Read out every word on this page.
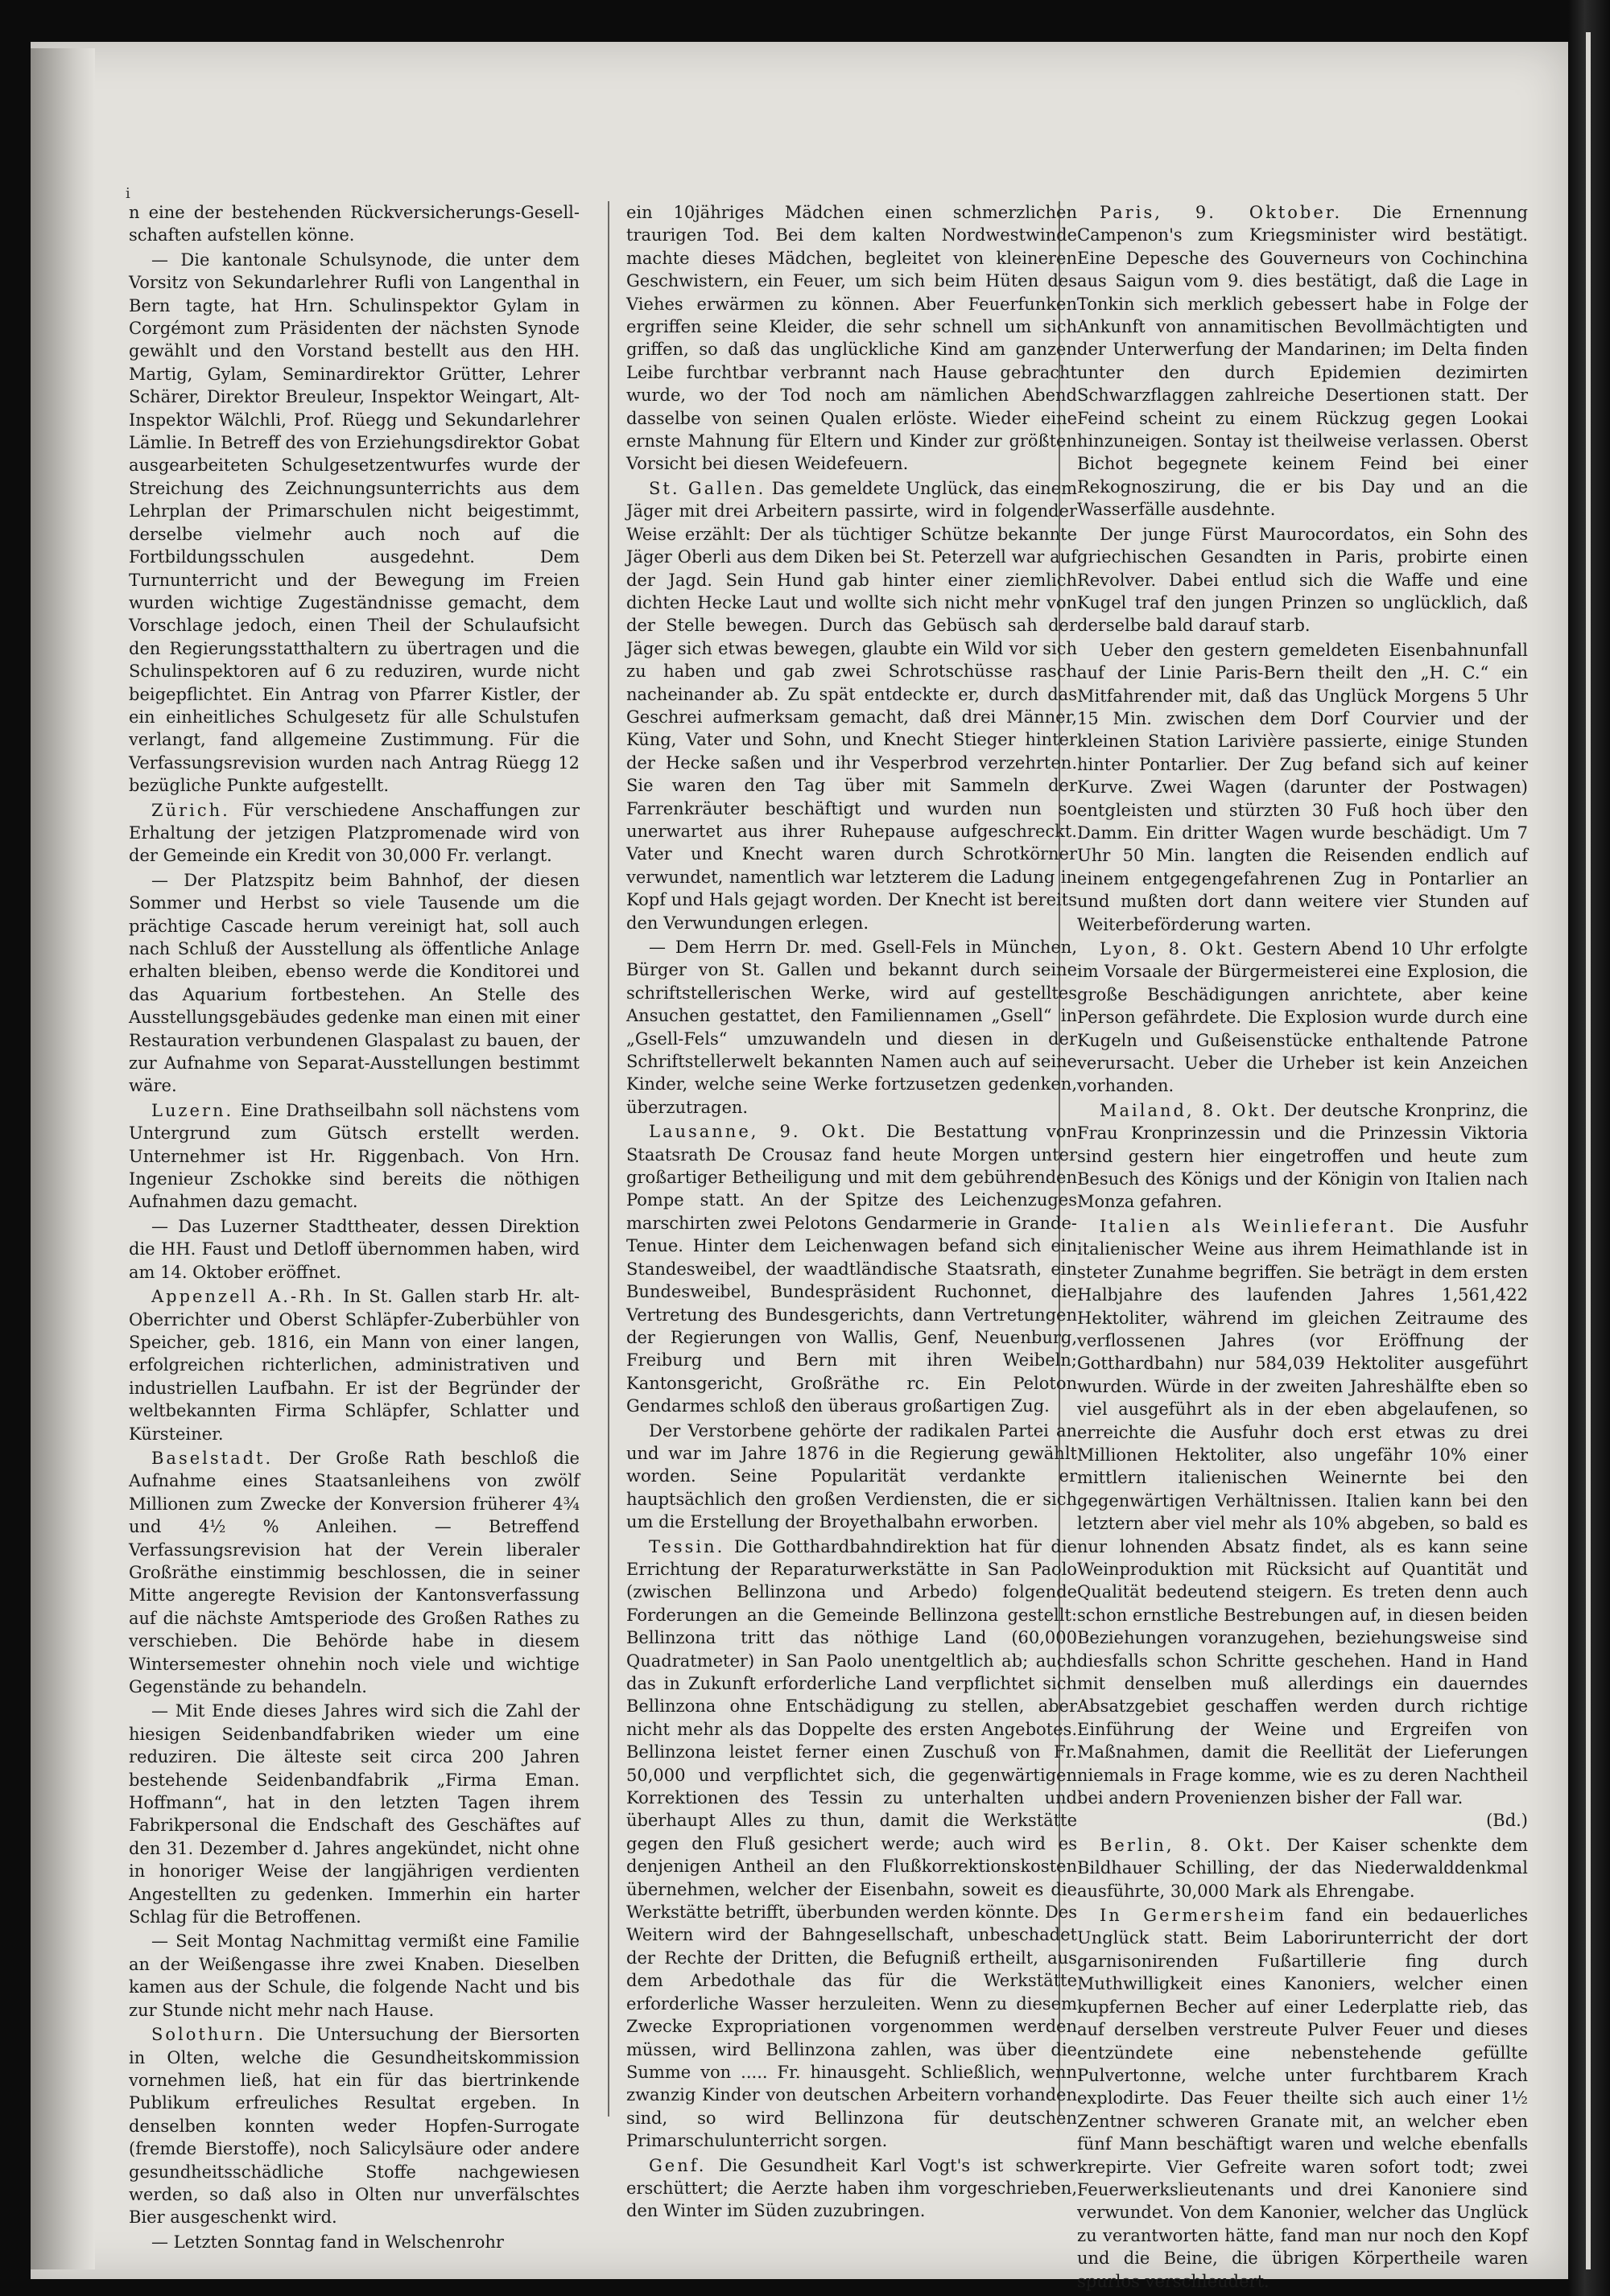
ⅰ

n eine der bestehenden Rückversicherungs-Gesell-schaften aufstellen könne.

— Die kantonale Schulsynode, die unter dem Vorsitz von Sekundarlehrer Rufli von Langenthal in Bern tagte, hat Hrn. Schulinspektor Gylam in Corgémont zum Präsidenten der nächsten Synode gewählt und den Vorstand bestellt aus den HH. Martig, Gylam, Seminardirektor Grütter, Lehrer Schärer, Direktor Breuleur, Inspektor Weingart, Alt-Inspektor Wälchli, Prof. Rüegg und Sekundarlehrer Lämlie. In Betreff des von Erziehungsdirektor Gobat ausgearbeiteten Schulgesetzentwurfes wurde der Streichung des Zeichnungsunterrichts aus dem Lehrplan der Primarschulen nicht beigestimmt, derselbe vielmehr auch noch auf die Fortbildungsschulen ausgedehnt. Dem Turnunterricht und der Bewegung im Freien wurden wichtige Zugeständnisse gemacht, dem Vorschlage jedoch, einen Theil der Schulaufsicht den Regierungsstatthaltern zu übertragen und die Schulinspektoren auf 6 zu reduziren, wurde nicht beigepflichtet. Ein Antrag von Pfarrer Kistler, der ein einheitliches Schulgesetz für alle Schulstufen verlangt, fand allgemeine Zustimmung. Für die Verfassungsrevision wurden nach Antrag Rüegg 12 bezügliche Punkte aufgestellt.

Zürich. Für verschiedene Anschaffungen zur Erhaltung der jetzigen Platzpromenade wird von der Gemeinde ein Kredit von 30,000 Fr. verlangt.

— Der Platzspitz beim Bahnhof, der diesen Sommer und Herbst so viele Tausende um die prächtige Cascade herum vereinigt hat, soll auch nach Schluß der Ausstellung als öffentliche Anlage erhalten bleiben, ebenso werde die Konditorei und das Aquarium fortbestehen. An Stelle des Ausstellungsgebäudes gedenke man einen mit einer Restauration verbundenen Glaspalast zu bauen, der zur Aufnahme von Separat-Ausstellungen bestimmt wäre.

Luzern. Eine Drathseilbahn soll nächstens vom Untergrund zum Gütsch erstellt werden. Unternehmer ist Hr. Riggenbach. Von Hrn. Ingenieur Zschokke sind bereits die nöthigen Aufnahmen dazu gemacht.

— Das Luzerner Stadttheater, dessen Direktion die HH. Faust und Detloff übernommen haben, wird am 14. Oktober eröffnet.

Appenzell A.-Rh. In St. Gallen starb Hr. alt-Oberrichter und Oberst Schläpfer-Zuberbühler von Speicher, geb. 1816, ein Mann von einer langen, erfolgreichen richterlichen, administrativen und industriellen Laufbahn. Er ist der Begründer der weltbekannten Firma Schläpfer, Schlatter und Kürsteiner.

Baselstadt. Der Große Rath beschloß die Aufnahme eines Staatsanleihens von zwölf Millionen zum Zwecke der Konversion früherer 4¾ und 4½ % Anleihen. — Betreffend Verfassungsrevision hat der Verein liberaler Großräthe einstimmig beschlossen, die in seiner Mitte angeregte Revision der Kantonsverfassung auf die nächste Amtsperiode des Großen Rathes zu verschieben. Die Behörde habe in diesem Wintersemester ohnehin noch viele und wichtige Gegenstände zu behandeln.

— Mit Ende dieses Jahres wird sich die Zahl der hiesigen Seidenbandfabriken wieder um eine reduziren. Die älteste seit circa 200 Jahren bestehende Seidenbandfabrik „Firma Eman. Hoffmann“, hat in den letzten Tagen ihrem Fabrikpersonal die Endschaft des Geschäftes auf den 31. Dezember d. Jahres angekündet, nicht ohne in honoriger Weise der langjährigen verdienten Angestellten zu gedenken. Immerhin ein harter Schlag für die Betroffenen.

— Seit Montag Nachmittag vermißt eine Familie an der Weißengasse ihre zwei Knaben. Dieselben kamen aus der Schule, die folgende Nacht und bis zur Stunde nicht mehr nach Hause.

Solothurn. Die Untersuchung der Biersorten in Olten, welche die Gesundheitskommission vornehmen ließ, hat ein für das biertrinkende Publikum erfreuliches Resultat ergeben. In denselben konnten weder Hopfen-Surrogate (fremde Bierstoffe), noch Salicylsäure oder andere gesundheitsschädliche Stoffe nachgewiesen werden, so daß also in Olten nur unverfälschtes Bier ausgeschenkt wird.

— Letzten Sonntag fand in Welschenrohr

ein 10jähriges Mädchen einen schmerzlichen traurigen Tod. Bei dem kalten Nordwestwinde machte dieses Mädchen, begleitet von kleineren Geschwistern, ein Feuer, um sich beim Hüten des Viehes erwärmen zu können. Aber Feuerfunken ergriffen seine Kleider, die sehr schnell um sich griffen, so daß das unglückliche Kind am ganzen Leibe furchtbar verbrannt nach Hause gebracht wurde, wo der Tod noch am nämlichen Abend dasselbe von seinen Qualen erlöste. Wieder eine ernste Mahnung für Eltern und Kinder zur größten Vorsicht bei diesen Weidefeuern.

St. Gallen. Das gemeldete Unglück, das einem Jäger mit drei Arbeitern passirte, wird in folgender Weise erzählt: Der als tüchtiger Schütze bekannte Jäger Oberli aus dem Diken bei St. Peterzell war auf der Jagd. Sein Hund gab hinter einer ziemlich dichten Hecke Laut und wollte sich nicht mehr von der Stelle bewegen. Durch das Gebüsch sah der Jäger sich etwas bewegen, glaubte ein Wild vor sich zu haben und gab zwei Schrotschüsse rasch nacheinander ab. Zu spät entdeckte er, durch das Geschrei aufmerksam gemacht, daß drei Männer, Küng, Vater und Sohn, und Knecht Stieger hinter der Hecke saßen und ihr Vesperbrod verzehrten. Sie waren den Tag über mit Sammeln der Farrenkräuter beschäftigt und wurden nun so unerwartet aus ihrer Ruhepause aufgeschreckt. Vater und Knecht waren durch Schrotkörner verwundet, namentlich war letzterem die Ladung in Kopf und Hals gejagt worden. Der Knecht ist bereits den Verwundungen erlegen.

— Dem Herrn Dr. med. Gsell-Fels in München, Bürger von St. Gallen und bekannt durch seine schriftstellerischen Werke, wird auf gestelltes Ansuchen gestattet, den Familiennamen „Gsell“ in „Gsell-Fels“ umzuwandeln und diesen in der Schriftstellerwelt bekannten Namen auch auf seine Kinder, welche seine Werke fortzusetzen gedenken, überzutragen.

Lausanne, 9. Okt. Die Bestattung von Staatsrath De Crousaz fand heute Morgen unter großartiger Betheiligung und mit dem gebührenden Pompe statt. An der Spitze des Leichenzuges marschirten zwei Pelotons Gendarmerie in Grande-Tenue. Hinter dem Leichenwagen befand sich ein Standesweibel, der waadtländische Staatsrath, ein Bundesweibel, Bundespräsident Ruchonnet, die Vertretung des Bundesgerichts, dann Vertretungen der Regierungen von Wallis, Genf, Neuenburg, Freiburg und Bern mit ihren Weibeln; Kantonsgericht, Großräthe rc. Ein Peloton Gendarmes schloß den überaus großartigen Zug.

Der Verstorbene gehörte der radikalen Partei an und war im Jahre 1876 in die Regierung gewählt worden. Seine Popularität verdankte er hauptsächlich den großen Verdiensten, die er sich um die Erstellung der Broyethalbahn erworben.

Tessin. Die Gotthardbahndirektion hat für die Errichtung der Reparaturwerkstätte in San Paolo (zwischen Bellinzona und Arbedo) folgende Forderungen an die Gemeinde Bellinzona gestellt: Bellinzona tritt das nöthige Land (60,000 Quadratmeter) in San Paolo unentgeltlich ab; auch das in Zukunft erforderliche Land verpflichtet sich Bellinzona ohne Entschädigung zu stellen, aber nicht mehr als das Doppelte des ersten Angebotes. Bellinzona leistet ferner einen Zuschuß von Fr. 50,000 und verpflichtet sich, die gegenwärtigen Korrektionen des Tessin zu unterhalten und überhaupt Alles zu thun, damit die Werkstätte gegen den Fluß gesichert werde; auch wird es denjenigen Antheil an den Flußkorrektionskosten übernehmen, welcher der Eisenbahn, soweit es die Werkstätte betrifft, überbunden werden könnte. Des Weitern wird der Bahngesellschaft, unbeschadet der Rechte der Dritten, die Befugniß ertheilt, aus dem Arbedothale das für die Werkstätte erforderliche Wasser herzuleiten. Wenn zu diesem Zwecke Expropriationen vorgenommen werden müssen, wird Bellinzona zahlen, was über die Summe von ..... Fr. hinausgeht. Schließlich, wenn zwanzig Kinder von deutschen Arbeitern vorhanden sind, so wird Bellinzona für deutschen Primarschulunterricht sorgen.

Genf. Die Gesundheit Karl Vogt's ist schwer erschüttert; die Aerzte haben ihm vorgeschrieben, den Winter im Süden zuzubringen.

Paris, 9. Oktober. Die Ernennung Campenon's zum Kriegsminister wird bestätigt. Eine Depesche des Gouverneurs von Cochinchina aus Saigun vom 9. dies bestätigt, daß die Lage in Tonkin sich merklich gebessert habe in Folge der Ankunft von annamitischen Bevollmächtigten und der Unterwerfung der Mandarinen; im Delta finden unter den durch Epidemien dezimirten Schwarzflaggen zahlreiche Desertionen statt. Der Feind scheint zu einem Rückzug gegen Lookai hinzuneigen. Sontay ist theilweise verlassen. Oberst Bichot begegnete keinem Feind bei einer Rekognoszirung, die er bis Day und an die Wasserfälle ausdehnte.

Der junge Fürst Maurocordatos, ein Sohn des griechischen Gesandten in Paris, probirte einen Revolver. Dabei entlud sich die Waffe und eine Kugel traf den jungen Prinzen so unglücklich, daß derselbe bald darauf starb.

Ueber den gestern gemeldeten Eisenbahnunfall auf der Linie Paris-Bern theilt den „H. C.“ ein Mitfahrender mit, daß das Unglück Morgens 5 Uhr 15 Min. zwischen dem Dorf Courvier und der kleinen Station Larivière passierte, einige Stunden hinter Pontarlier. Der Zug befand sich auf keiner Kurve. Zwei Wagen (darunter der Postwagen) entgleisten und stürzten 30 Fuß hoch über den Damm. Ein dritter Wagen wurde beschädigt. Um 7 Uhr 50 Min. langten die Reisenden endlich auf einem entgegengefahrenen Zug in Pontarlier an und mußten dort dann weitere vier Stunden auf Weiterbeförderung warten.

Lyon, 8. Okt. Gestern Abend 10 Uhr erfolgte im Vorsaale der Bürgermeisterei eine Explosion, die große Beschädigungen anrichtete, aber keine Person gefährdete. Die Explosion wurde durch eine Kugeln und Gußeisenstücke enthaltende Patrone verursacht. Ueber die Urheber ist kein Anzeichen vorhanden.

Mailand, 8. Okt. Der deutsche Kronprinz, die Frau Kronprinzessin und die Prinzessin Viktoria sind gestern hier eingetroffen und heute zum Besuch des Königs und der Königin von Italien nach Monza gefahren.

Italien als Weinlieferant. Die Ausfuhr italienischer Weine aus ihrem Heimathlande ist in steter Zunahme begriffen. Sie beträgt in dem ersten Halbjahre des laufenden Jahres 1,561,422 Hektoliter, während im gleichen Zeitraume des verflossenen Jahres (vor Eröffnung der Gotthardbahn) nur 584,039 Hektoliter ausgeführt wurden. Würde in der zweiten Jahreshälfte eben so viel ausgeführt als in der eben abgelaufenen, so erreichte die Ausfuhr doch erst etwas zu drei Millionen Hektoliter, also ungefähr 10% einer mittlern italienischen Weinernte bei den gegenwärtigen Verhältnissen. Italien kann bei den letztern aber viel mehr als 10% abgeben, so bald es nur lohnenden Absatz findet, als es kann seine Weinproduktion mit Rücksicht auf Quantität und Qualität bedeutend steigern. Es treten denn auch schon ernstliche Bestrebungen auf, in diesen beiden Beziehungen voranzugehen, beziehungsweise sind diesfalls schon Schritte geschehen. Hand in Hand mit denselben muß allerdings ein dauerndes Absatzgebiet geschaffen werden durch richtige Einführung der Weine und Ergreifen von Maßnahmen, damit die Reellität der Lieferungen niemals in Frage komme, wie es zu deren Nachtheil bei andern Provenienzen bisher der Fall war.
(Bd.)

Berlin, 8. Okt. Der Kaiser schenkte dem Bildhauer Schilling, der das Niederwalddenkmal ausführte, 30,000 Mark als Ehrengabe.

In Germersheim fand ein bedauerliches Unglück statt. Beim Laborirunterricht der dort garnisonirenden Fußartillerie fing durch Muthwilligkeit eines Kanoniers, welcher einen kupfernen Becher auf einer Lederplatte rieb, das auf derselben verstreute Pulver Feuer und dieses entzündete eine nebenstehende gefüllte Pulvertonne, welche unter furchtbarem Krach explodirte. Das Feuer theilte sich auch einer 1½ Zentner schweren Granate mit, an welcher eben fünf Mann beschäftigt waren und welche ebenfalls krepirte. Vier Gefreite waren sofort todt; zwei Feuerwerkslieutenants und drei Kanoniere sind verwundet. Von dem Kanonier, welcher das Unglück zu verantworten hätte, fand man nur noch den Kopf und die Beine, die übrigen Körpertheile waren spurlos verschleudert.
